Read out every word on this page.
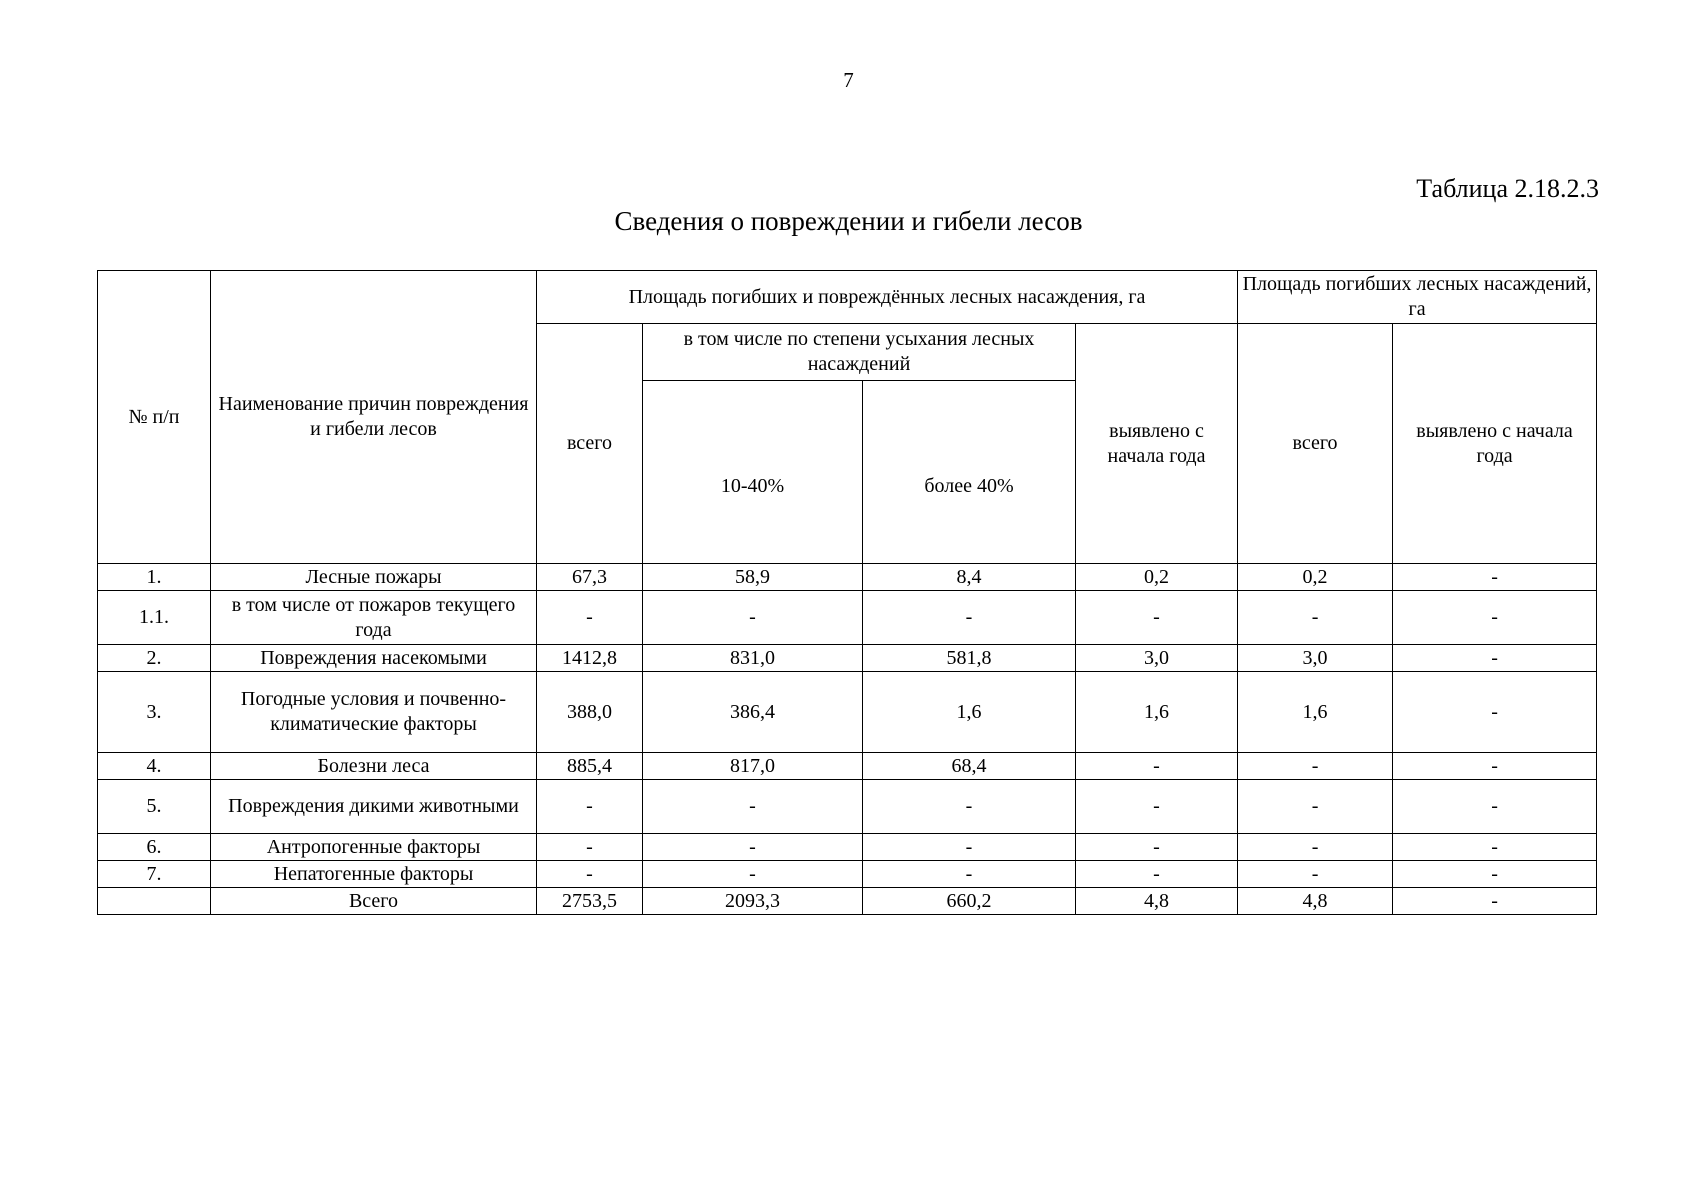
7
Таблица 2.18.2.3
Сведения о повреждении и гибели лесов
№ п/п	Наименование причин повреждения и гибели лесов	Площадь погибших и повреждённых лесных насаждения, га				Площадь погибших лесных насаждений, га	
		всего	в том числе по степени усыхания лесных насаждений		выявлено с начала года	всего	выявлено с начала года
			10-40%	более 40%			
1.	Лесные пожары	67,3	58,9	8,4	0,2	0,2	-
1.1.	в том числе от пожаров текущего года	-	-	-	-	-	-
2.	Повреждения насекомыми	1412,8	831,0	581,8	3,0	3,0	-
3.	Погодные условия и почвенно-климатические факторы	388,0	386,4	1,6	1,6	1,6	-
4.	Болезни леса	885,4	817,0	68,4	-	-	-
5.	Повреждения дикими животными	-	-	-	-	-	-
6.	Антропогенные факторы	-	-	-	-	-	-
7.	Непатогенные факторы	-	-	-	-	-	-
	Всего	2753,5	2093,3	660,2	4,8	4,8	-
